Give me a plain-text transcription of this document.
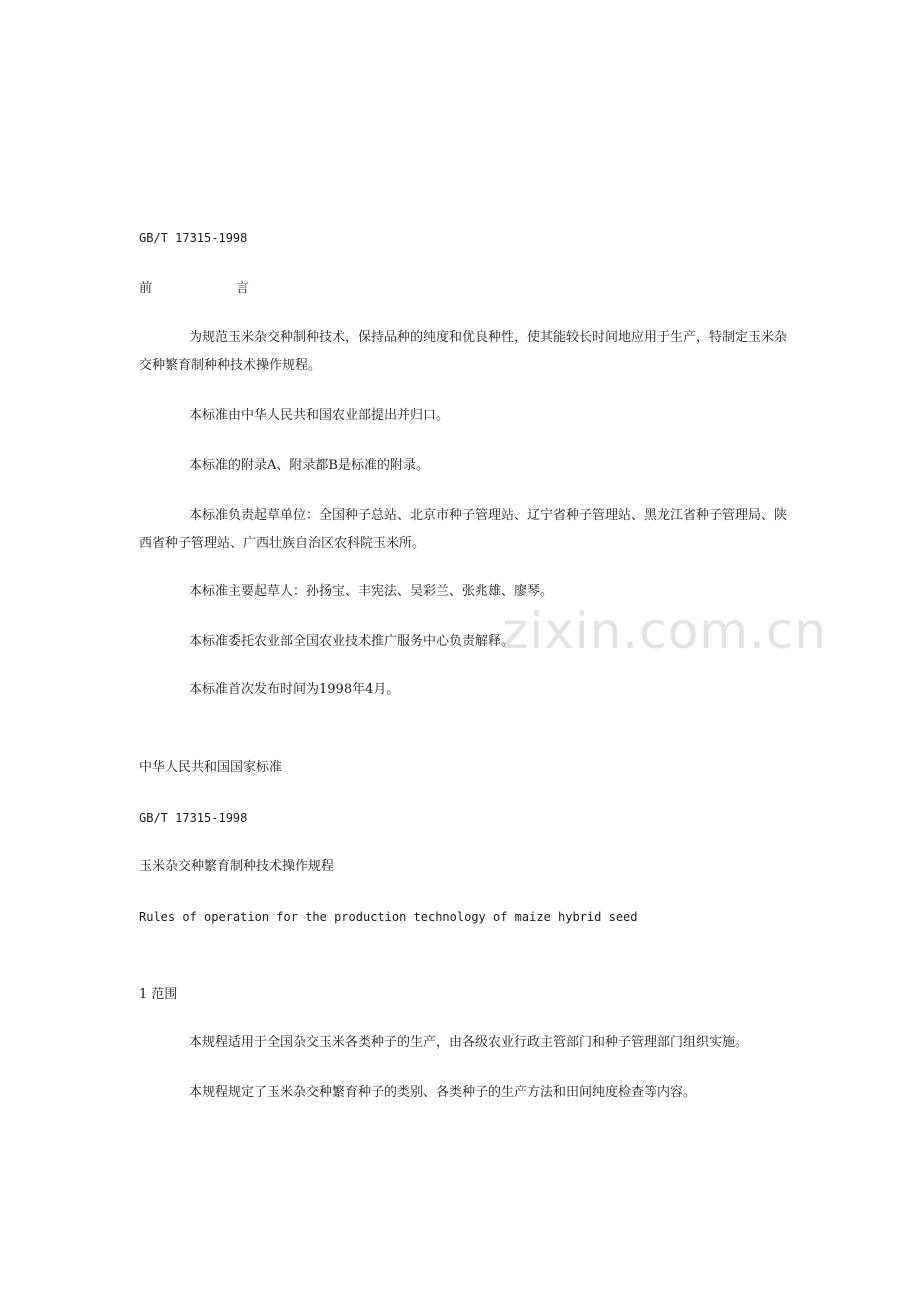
zixin.com.cn
GB/T 17315-1998
前	言
为规范玉米杂交种制种技术，保持品种的纯度和优良种性，使其能较长时间地应用于生产，特制定玉米杂交种繁育制种种技术操作规程。
本标准由中华人民共和国农业部提出并归口。
本标准的附录A、附录都B是标准的附录。
本标准负责起草单位：全国种子总站、北京市种子管理站、辽宁省种子管理站、黑龙江省种子管理局、陕西省种子管理站、广西壮族自治区农科院玉米所。
本标准主要起草人：孙扬宝、丰宪法、吴彩兰、张兆雄、廖琴。
本标准委托农业部全国农业技术推广服务中心负责解释。
本标准首次发布时间为1998年4月。
中华人民共和国国家标准
GB/T 17315-1998
玉米杂交种繁育制种技术操作规程
Rules of operation for the production technology of maize hybrid seed
1 范围
本规程适用于全国杂交玉米各类种子的生产，由各级农业行政主管部门和种子管理部门组织实施。
本规程规定了玉米杂交种繁育种子的类别、各类种子的生产方法和田间纯度检查等内容。
